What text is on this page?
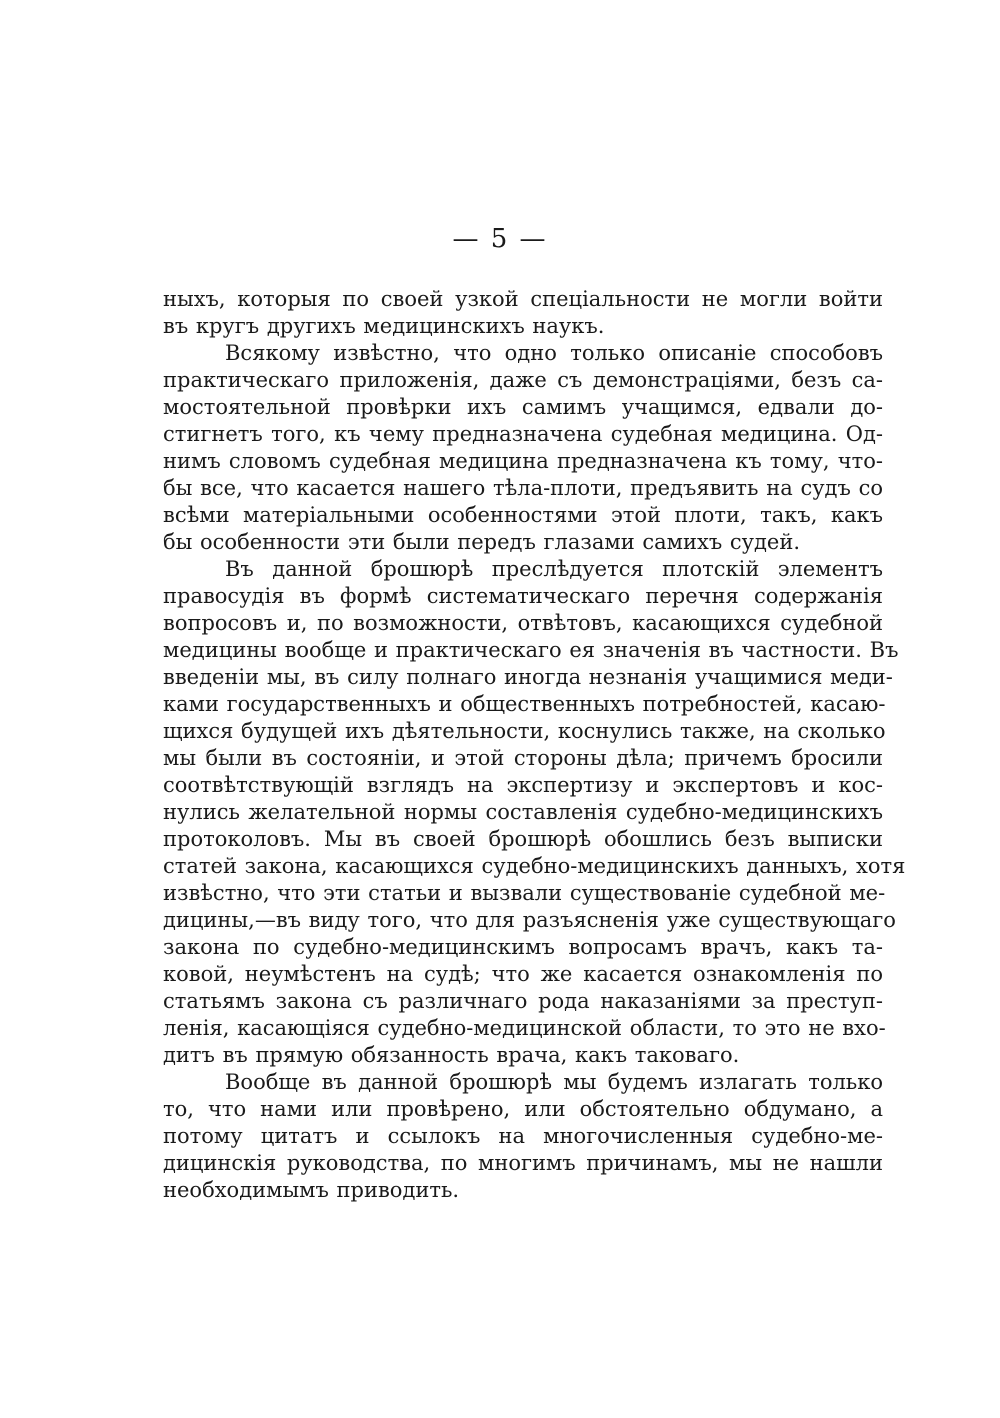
— 5 —
ныхъ, которыя по своей узкой спеціальности не могли войти
въ кругъ другихъ медицинскихъ наукъ.
Всякому извѣстно, что одно только описаніе способовъ
практическаго приложенія, даже съ демонстраціями, безъ са-
мостоятельной провѣрки ихъ самимъ учащимся, едвали до-
стигнетъ того, къ чему предназначена судебная медицина. Од-
нимъ словомъ судебная медицина предназначена къ тому, что-
бы все, что касается нашего тѣла-плоти, предъявить на судъ со
всѣми матеріальными особенностями этой плоти, такъ, какъ
бы особенности эти были передъ глазами самихъ судей.
Въ данной брошюрѣ преслѣдуется плотскій элементъ
правосудія въ формѣ систематическаго перечня содержанія
вопросовъ и, по возможности, отвѣтовъ, касающихся судебной
медицины вообще и практическаго ея значенія въ частности. Въ
введеніи мы, въ силу полнаго иногда незнанія учащимися меди-
ками государственныхъ и общественныхъ потребностей, касаю-
щихся будущей ихъ дѣятельности, коснулись также, на сколько
мы были въ состояніи, и этой стороны дѣла; причемъ бросили
соотвѣтствующій взглядъ на экспертизу и экспертовъ и кос-
нулись желательной нормы составленія судебно-медицинскихъ
протоколовъ. Мы въ своей брошюрѣ обошлись безъ выписки
статей закона, касающихся судебно-медицинскихъ данныхъ, хотя
извѣстно, что эти статьи и вызвали существованіе судебной ме-
дицины,—въ виду того, что для разъясненія уже существующаго
закона по судебно-медицинскимъ вопросамъ врачъ, какъ та-
ковой, неумѣстенъ на судѣ; что же касается ознакомленія по
статьямъ закона съ различнаго рода наказаніями за преступ-
ленія, касающіяся судебно-медицинской области, то это не вхо-
дитъ въ прямую обязанность врача, какъ таковаго.
Вообще въ данной брошюрѣ мы будемъ излагать только
то, что нами или провѣрено, или обстоятельно обдумано, а
потому цитатъ и ссылокъ на многочисленныя судебно-ме-
дицинскія руководства, по многимъ причинамъ, мы не нашли
необходимымъ приводить.
